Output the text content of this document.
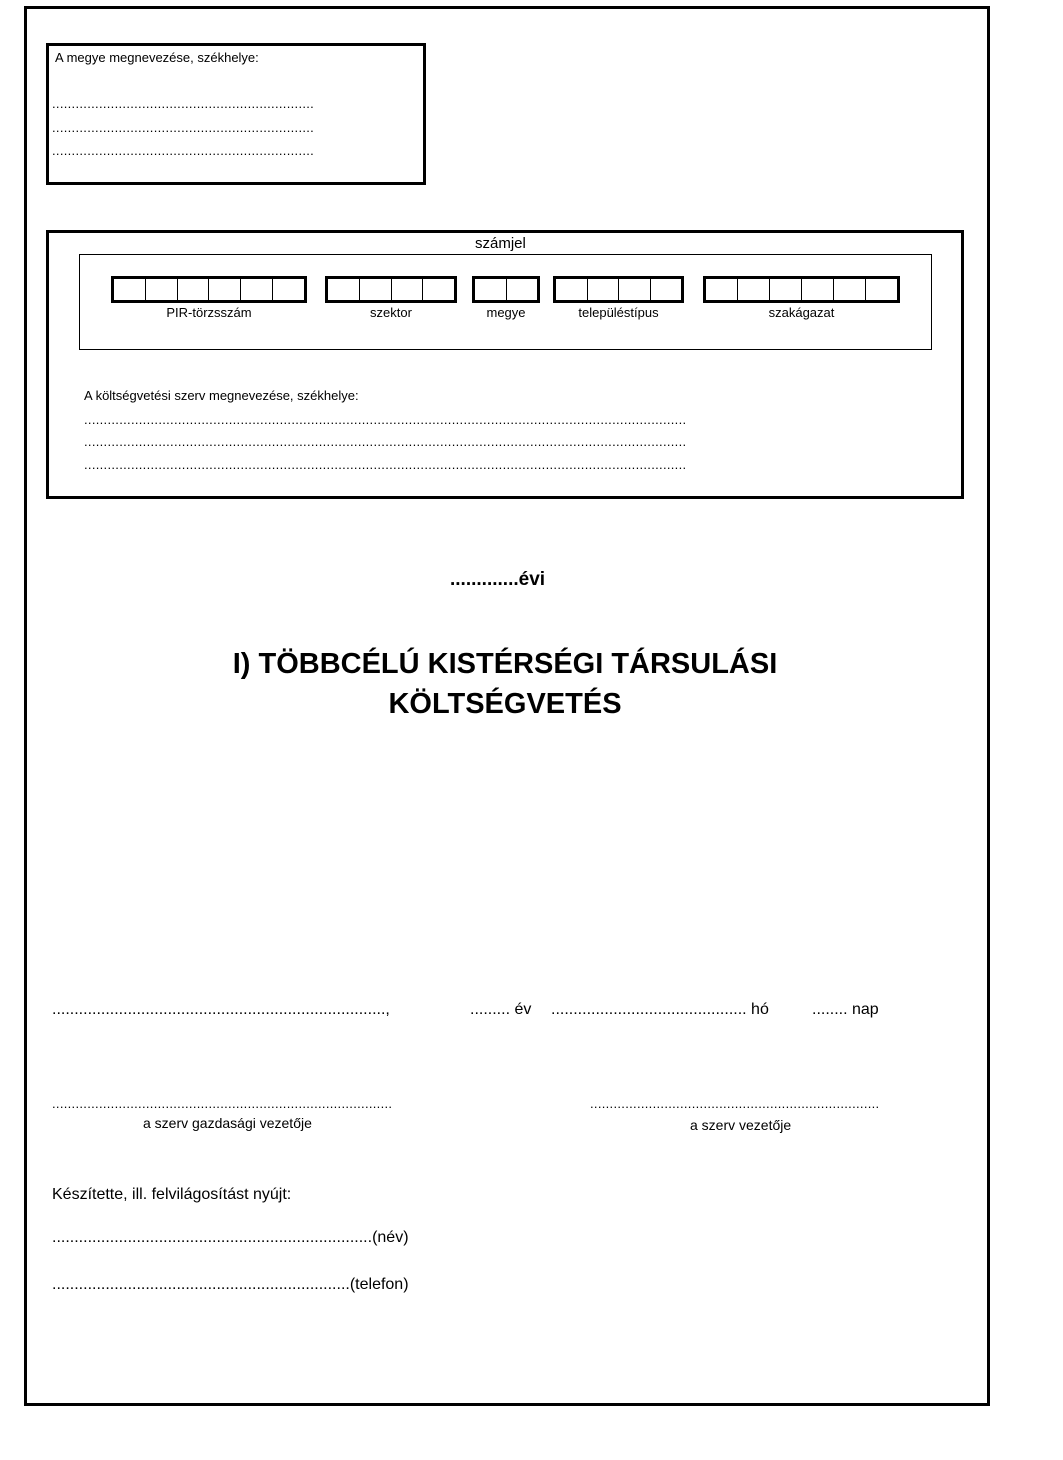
A megye megnevezése, székhelye:
...................................................................
...................................................................
...................................................................
számjel
PIR-törzsszám	szektor	megye	településtípus	szakágazat
A költségvetési szerv megnevezése, székhelye:
..........................................................................................................................................................
..........................................................................................................................................................
..........................................................................................................................................................
.............évi
I) TÖBBCÉLÚ KISTÉRSÉGI TÁRSULÁSI
KÖLTSÉGVETÉS
...........................................................................,	......... év ............................................ hó	........ nap
.......................................................................................
a szerv gazdasági vezetője
..........................................................................
a szerv vezetője
Készítette, ill. felvilágosítást nyújt:
........................................................................(név)
...................................................................(telefon)
